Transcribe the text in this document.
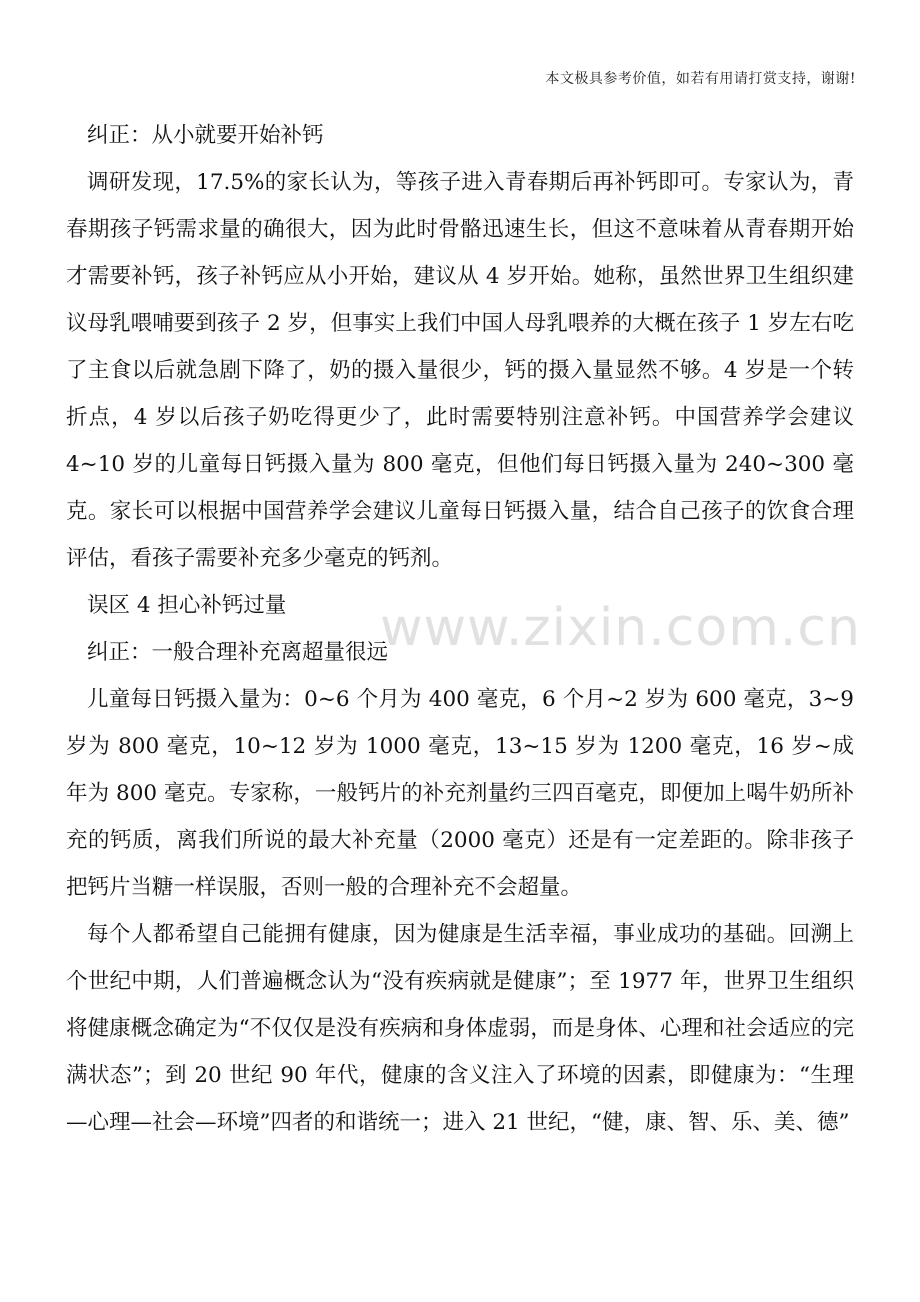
本文极具参考价值，如若有用请打赏支持，谢谢!

纠正：从小就要开始补钙

调研发现，17.5%的家长认为，等孩子进入青春期后再补钙即可。专家认为，青春期孩子钙需求量的确很大，因为此时骨骼迅速生长，但这不意味着从青春期开始才需要补钙，孩子补钙应从小开始，建议从 4 岁开始。她称，虽然世界卫生组织建议母乳喂哺要到孩子 2 岁，但事实上我们中国人母乳喂养的大概在孩子 1 岁左右吃了主食以后就急剧下降了，奶的摄入量很少，钙的摄入量显然不够。4 岁是一个转折点，4 岁以后孩子奶吃得更少了，此时需要特别注意补钙。中国营养学会建议 4~10 岁的儿童每日钙摄入量为 800 毫克，但他们每日钙摄入量为 240~300 毫克。家长可以根据中国营养学会建议儿童每日钙摄入量，结合自己孩子的饮食合理评估，看孩子需要补充多少毫克的钙剂。

误区 4 担心补钙过量

纠正：一般合理补充离超量很远

儿童每日钙摄入量为：0~6 个月为 400 毫克，6 个月~2 岁为 600 毫克，3~9 岁为 800 毫克，10~12 岁为 1000 毫克，13~15 岁为 1200 毫克，16 岁~成年为 800 毫克。专家称，一般钙片的补充剂量约三四百毫克，即便加上喝牛奶所补充的钙质，离我们所说的最大补充量（2000 毫克）还是有一定差距的。除非孩子把钙片当糖一样误服，否则一般的合理补充不会超量。

每个人都希望自己能拥有健康，因为健康是生活幸福，事业成功的基础。回溯上个世纪中期，人们普遍概念认为“没有疾病就是健康”；至 1977 年，世界卫生组织将健康概念确定为“不仅仅是没有疾病和身体虚弱，而是身体、心理和社会适应的完满状态”；到 20 世纪 90 年代，健康的含义注入了环境的因素，即健康为：“生理—心理—社会—环境”四者的和谐统一；进入 21 世纪，“健，康、智、乐、美、德”

www.zixin.com.cn
